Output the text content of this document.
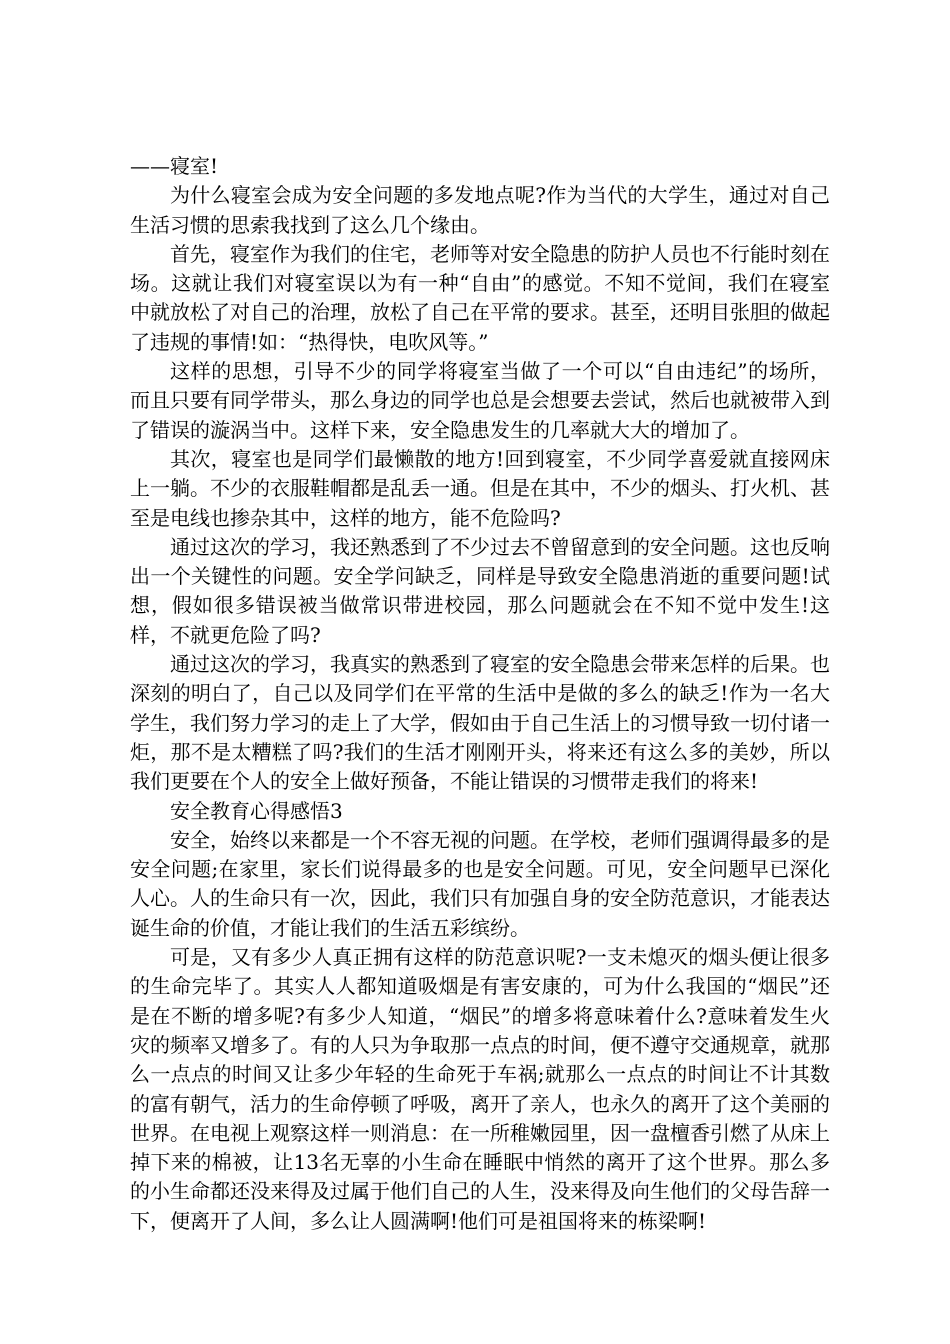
——寝室!

为什么寝室会成为安全问题的多发地点呢?作为当代的大学生，通过对自己生活习惯的思索我找到了这么几个缘由。

首先，寝室作为我们的住宅，老师等对安全隐患的防护人员也不行能时刻在场。这就让我们对寝室误以为有一种“自由”的感觉。不知不觉间，我们在寝室中就放松了对自己的治理，放松了自己在平常的要求。甚至，还明目张胆的做起了违规的事情!如：“热得快，电吹风等。”

这样的思想，引导不少的同学将寝室当做了一个可以“自由违纪”的场所，而且只要有同学带头，那么身边的同学也总是会想要去尝试，然后也就被带入到了错误的漩涡当中。这样下来，安全隐患发生的几率就大大的增加了。

其次，寝室也是同学们最懒散的地方!回到寝室，不少同学喜爱就直接网床上一躺。不少的衣服鞋帽都是乱丢一通。但是在其中，不少的烟头、打火机、甚至是电线也掺杂其中，这样的地方，能不危险吗?

通过这次的学习，我还熟悉到了不少过去不曾留意到的安全问题。这也反响出一个关键性的问题。安全学问缺乏，同样是导致安全隐患消逝的重要问题!试想，假如很多错误被当做常识带进校园，那么问题就会在不知不觉中发生!这样，不就更危险了吗?

通过这次的学习，我真实的熟悉到了寝室的安全隐患会带来怎样的后果。也深刻的明白了，自己以及同学们在平常的生活中是做的多么的缺乏!作为一名大学生，我们努力学习的走上了大学，假如由于自己生活上的习惯导致一切付诸一炬，那不是太糟糕了吗?我们的生活才刚刚开头，将来还有这么多的美妙，所以我们更要在个人的安全上做好预备，不能让错误的习惯带走我们的将来!

安全教育心得感悟3

安全，始终以来都是一个不容无视的问题。在学校，老师们强调得最多的是安全问题;在家里，家长们说得最多的也是安全问题。可见，安全问题早已深化人心。人的生命只有一次，因此，我们只有加强自身的安全防范意识，才能表达诞生命的价值，才能让我们的生活五彩缤纷。

可是，又有多少人真正拥有这样的防范意识呢?一支未熄灭的烟头便让很多的生命完毕了。其实人人都知道吸烟是有害安康的，可为什么我国的“烟民”还是在不断的增多呢?有多少人知道，“烟民”的增多将意味着什么?意味着发生火灾的频率又增多了。有的人只为争取那一点点的时间，便不遵守交通规章，就那么一点点的时间又让多少年轻的生命死于车祸;就那么一点点的时间让不计其数的富有朝气，活力的生命停顿了呼吸，离开了亲人，也永久的离开了这个美丽的世界。在电视上观察这样一则消息：在一所稚嫩园里，因一盘檀香引燃了从床上掉下来的棉被，让13名无辜的小生命在睡眠中悄然的离开了这个世界。那么多的小生命都还没来得及过属于他们自己的人生，没来得及向生他们的父母告辞一下，便离开了人间，多么让人圆满啊!他们可是祖国将来的栋梁啊!
